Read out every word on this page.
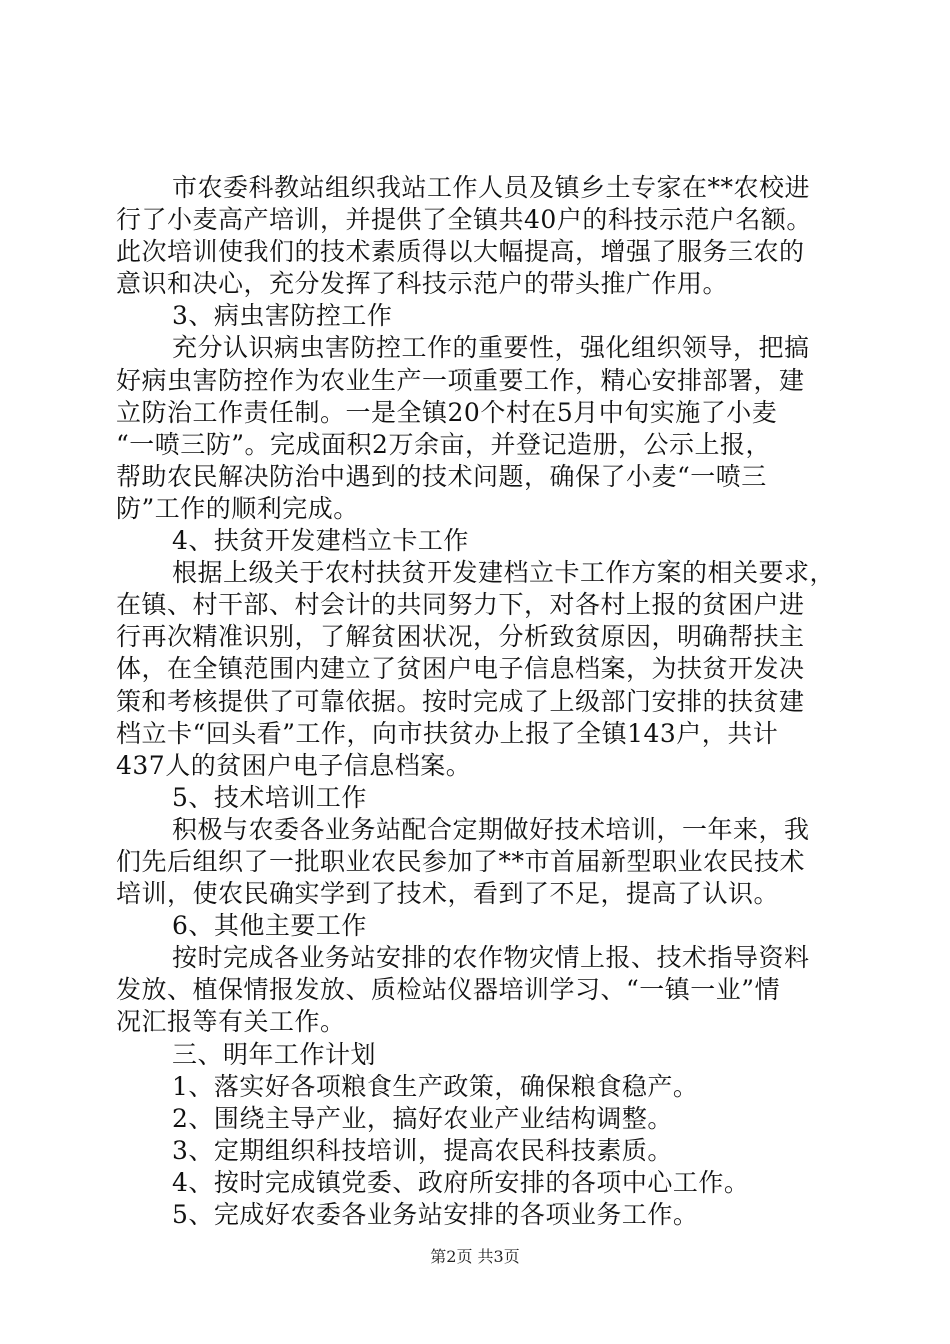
市农委科教站组织我站工作人员及镇乡土专家在**农校进
行了小麦高产培训，并提供了全镇共40户的科技示范户名额。
此次培训使我们的技术素质得以大幅提高，增强了服务三农的
意识和决心，充分发挥了科技示范户的带头推广作用。
3、病虫害防控工作
充分认识病虫害防控工作的重要性，强化组织领导，把搞
好病虫害防控作为农业生产一项重要工作，精心安排部署，建
立防治工作责任制。一是全镇20个村在5月中旬实施了小麦
“一喷三防”。完成面积2万余亩，并登记造册，公示上报，
帮助农民解决防治中遇到的技术问题，确保了小麦“一喷三
防”工作的顺利完成。
4、扶贫开发建档立卡工作
根据上级关于农村扶贫开发建档立卡工作方案的相关要求，
在镇、村干部、村会计的共同努力下，对各村上报的贫困户进
行再次精准识别，了解贫困状况，分析致贫原因，明确帮扶主
体，在全镇范围内建立了贫困户电子信息档案，为扶贫开发决
策和考核提供了可靠依据。按时完成了上级部门安排的扶贫建
档立卡“回头看”工作，向市扶贫办上报了全镇143户，共计
437人的贫困户电子信息档案。
5、技术培训工作
积极与农委各业务站配合定期做好技术培训，一年来，我
们先后组织了一批职业农民参加了**市首届新型职业农民技术
培训，使农民确实学到了技术，看到了不足，提高了认识。
6、其他主要工作
按时完成各业务站安排的农作物灾情上报、技术指导资料
发放、植保情报发放、质检站仪器培训学习、“一镇一业”情
况汇报等有关工作。
三、明年工作计划
1、落实好各项粮食生产政策，确保粮食稳产。
2、围绕主导产业，搞好农业产业结构调整。
3、定期组织科技培训，提高农民科技素质。
4、按时完成镇党委、政府所安排的各项中心工作。
5、完成好农委各业务站安排的各项业务工作。
第2页 共3页
